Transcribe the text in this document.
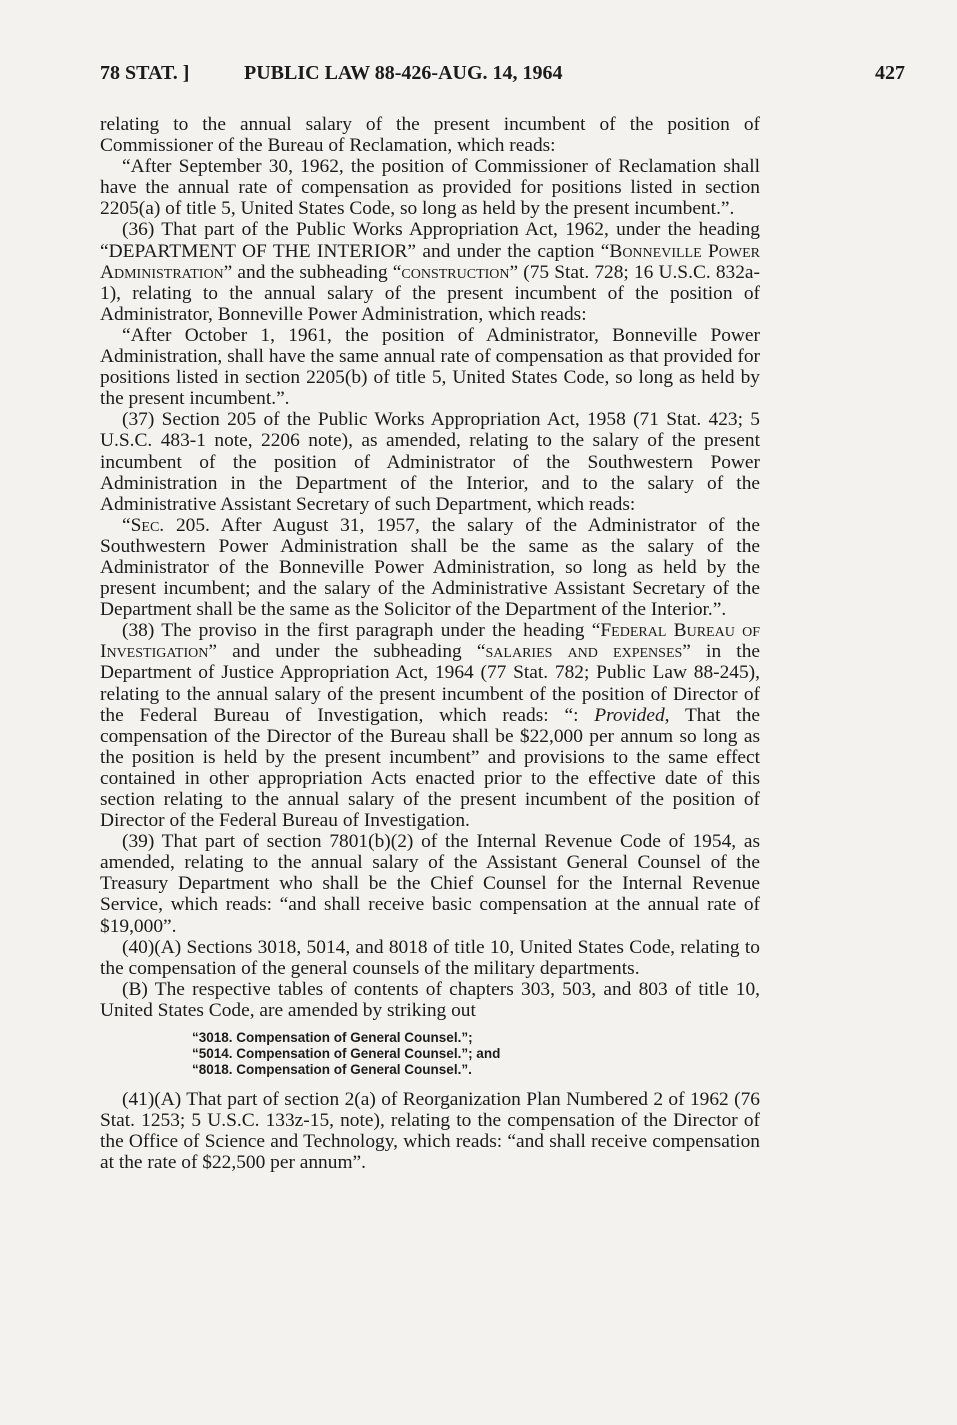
78 STAT. ]	PUBLIC LAW 88-426-AUG. 14, 1964	427

relating to the annual salary of the present incumbent of the position of Commissioner of the Bureau of Reclamation, which reads:

“After September 30, 1962, the position of Commissioner of Reclamation shall have the annual rate of compensation as provided for positions listed in section 2205(a) of title 5, United States Code, so long as held by the present incumbent.”.

(36) That part of the Public Works Appropriation Act, 1962, under the heading “DEPARTMENT OF THE INTERIOR” and under the caption “Bonneville Power Administration” and the subheading “construction” (75 Stat. 728; 16 U.S.C. 832a-1), relating to the annual salary of the present incumbent of the position of Administrator, Bonneville Power Administration, which reads:

“After October 1, 1961, the position of Administrator, Bonneville Power Administration, shall have the same annual rate of compensation as that provided for positions listed in section 2205(b) of title 5, United States Code, so long as held by the present incumbent.”.

(37) Section 205 of the Public Works Appropriation Act, 1958 (71 Stat. 423; 5 U.S.C. 483-1 note, 2206 note), as amended, relating to the salary of the present incumbent of the position of Administrator of the Southwestern Power Administration in the Department of the Interior, and to the salary of the Administrative Assistant Secretary of such Department, which reads:

“Sec. 205. After August 31, 1957, the salary of the Administrator of the Southwestern Power Administration shall be the same as the salary of the Administrator of the Bonneville Power Administration, so long as held by the present incumbent; and the salary of the Administrative Assistant Secretary of the Department shall be the same as the Solicitor of the Department of the Interior.”.

(38) The proviso in the first paragraph under the heading “Federal Bureau of Investigation” and under the subheading “salaries and expenses” in the Department of Justice Appropriation Act, 1964 (77 Stat. 782; Public Law 88-245), relating to the annual salary of the present incumbent of the position of Director of the Federal Bureau of Investigation, which reads: “: Provided, That the compensation of the Director of the Bureau shall be $22,000 per annum so long as the position is held by the present incumbent” and provisions to the same effect contained in other appropriation Acts enacted prior to the effective date of this section relating to the annual salary of the present incumbent of the position of Director of the Federal Bureau of Investigation.

(39) That part of section 7801(b)(2) of the Internal Revenue Code of 1954, as amended, relating to the annual salary of the Assistant General Counsel of the Treasury Department who shall be the Chief Counsel for the Internal Revenue Service, which reads: “and shall receive basic compensation at the annual rate of $19,000”.

(40)(A) Sections 3018, 5014, and 8018 of title 10, United States Code, relating to the compensation of the general counsels of the military departments.

(B) The respective tables of contents of chapters 303, 503, and 803 of title 10, United States Code, are amended by striking out

“3018. Compensation of General Counsel.”;
“5014. Compensation of General Counsel.”; and
“8018. Compensation of General Counsel.”.

(41)(A) That part of section 2(a) of Reorganization Plan Numbered 2 of 1962 (76 Stat. 1253; 5 U.S.C. 133z-15, note), relating to the compensation of the Director of the Office of Science and Technology, which reads: “and shall receive compensation at the rate of $22,500 per annum”.
